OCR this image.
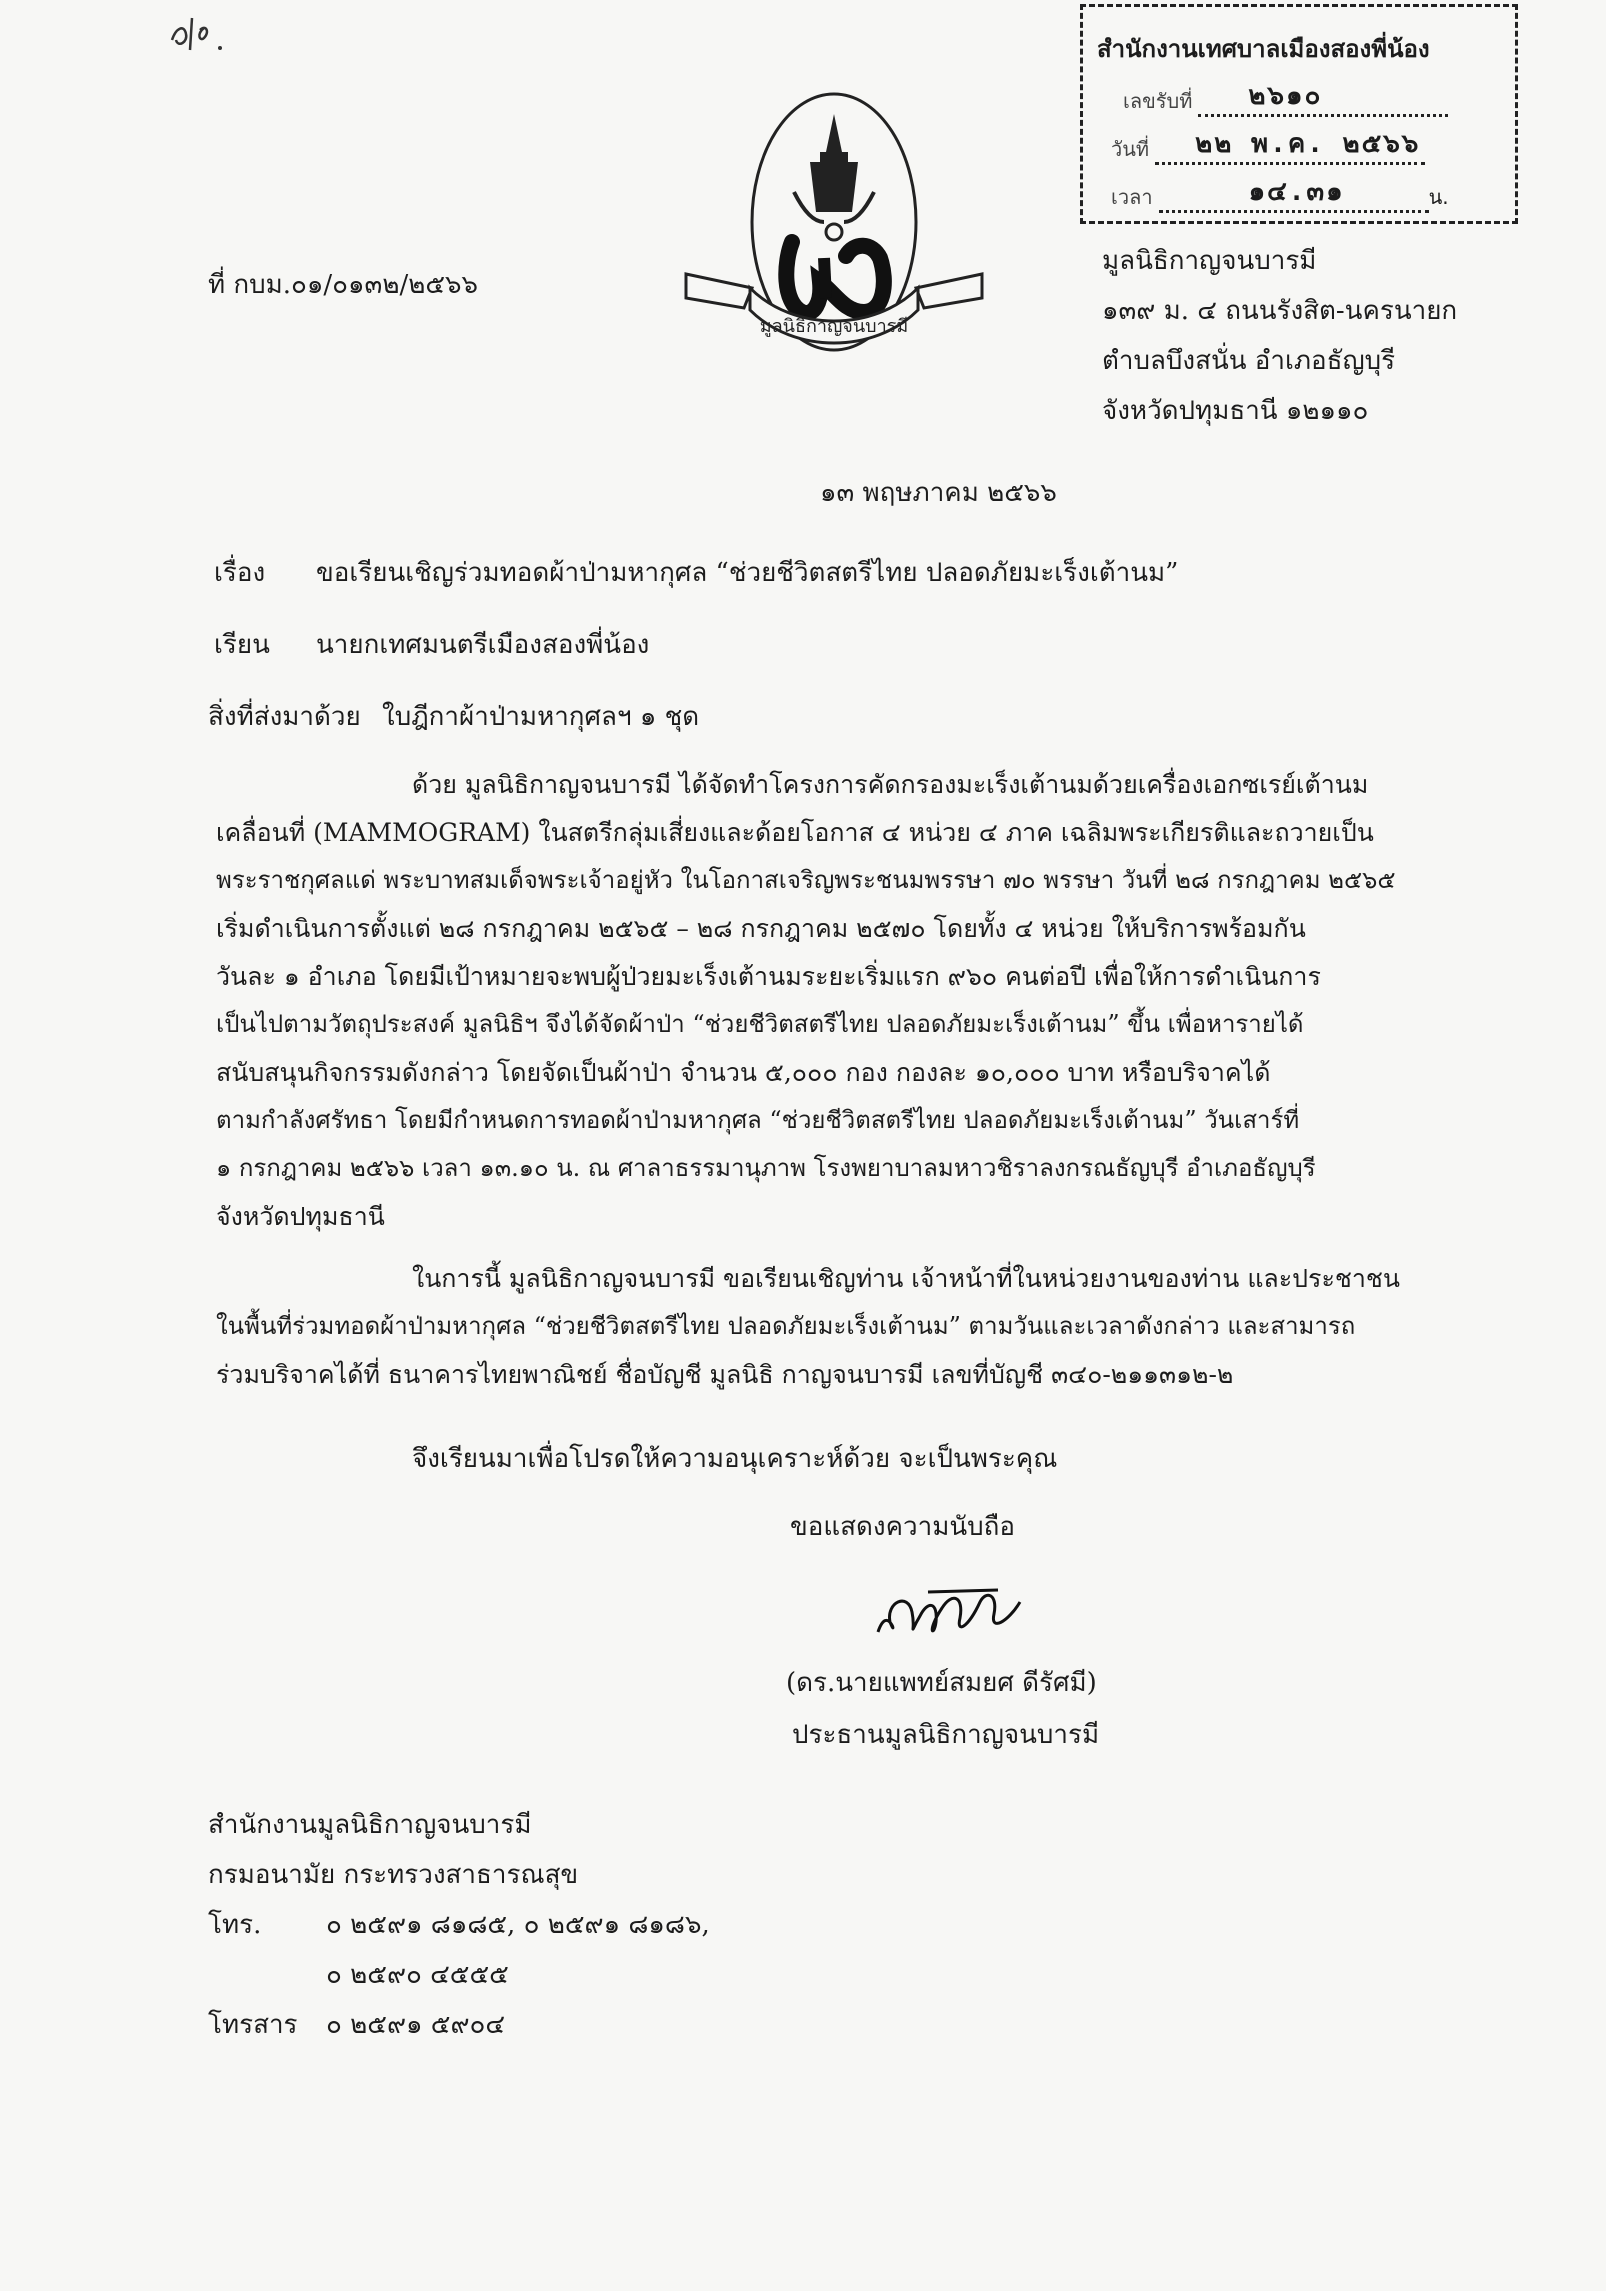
สำนักงานเทศบาลเมืองสองพี่น้อง
เลขรับที่ ๒๖๑๐
วันที่ ๒๒ พ.ค. ๒๕๖๖
เวลา	๑๔.๓๑	น.
มูลนิธิกาญจนบารมี
ที่ กบม.๐๑/๐๑๓๒/๒๕๖๖
มูลนิธิกาญจนบารมี
๑๓๙ ม. ๔ ถนนรังสิต-นครนายก
ตำบลบึงสนั่น อำเภอธัญบุรี
จังหวัดปทุมธานี ๑๒๑๑๐
๑๓ พฤษภาคม ๒๕๖๖
เรื่อง ขอเรียนเชิญร่วมทอดผ้าป่ามหากุศล “ช่วยชีวิตสตรีไทย ปลอดภัยมะเร็งเต้านม”
เรียน นายกเทศมนตรีเมืองสองพี่น้อง
สิ่งที่ส่งมาด้วย ใบฎีกาผ้าป่ามหากุศลฯ ๑ ชุด
ด้วย มูลนิธิกาญจนบารมี ได้จัดทำโครงการคัดกรองมะเร็งเต้านมด้วยเครื่องเอกซเรย์เต้านม
เคลื่อนที่ (MAMMOGRAM) ในสตรีกลุ่มเสี่ยงและด้อยโอกาส ๔ หน่วย ๔ ภาค เฉลิมพระเกียรติและถวายเป็น
พระราชกุศลแด่ พระบาทสมเด็จพระเจ้าอยู่หัว ในโอกาสเจริญพระชนมพรรษา ๗๐ พรรษา วันที่ ๒๘ กรกฎาคม ๒๕๖๕
เริ่มดำเนินการตั้งแต่ ๒๘ กรกฎาคม ๒๕๖๕ – ๒๘ กรกฎาคม ๒๕๗๐ โดยทั้ง ๔ หน่วย ให้บริการพร้อมกัน
วันละ ๑ อำเภอ โดยมีเป้าหมายจะพบผู้ป่วยมะเร็งเต้านมระยะเริ่มแรก ๙๖๐ คนต่อปี เพื่อให้การดำเนินการ
เป็นไปตามวัตถุประสงค์ มูลนิธิฯ จึงได้จัดผ้าป่า “ช่วยชีวิตสตรีไทย ปลอดภัยมะเร็งเต้านม” ขึ้น เพื่อหารายได้
สนับสนุนกิจกรรมดังกล่าว โดยจัดเป็นผ้าป่า จำนวน ๕,๐๐๐ กอง กองละ ๑๐,๐๐๐ บาท หรือบริจาคได้
ตามกำลังศรัทธา โดยมีกำหนดการทอดผ้าป่ามหากุศล “ช่วยชีวิตสตรีไทย ปลอดภัยมะเร็งเต้านม” วันเสาร์ที่
๑ กรกฎาคม ๒๕๖๖ เวลา ๑๓.๑๐ น. ณ ศาลาธรรมานุภาพ โรงพยาบาลมหาวชิราลงกรณธัญบุรี อำเภอธัญบุรี
จังหวัดปทุมธานี
ในการนี้ มูลนิธิกาญจนบารมี ขอเรียนเชิญท่าน เจ้าหน้าที่ในหน่วยงานของท่าน และประชาชน
ในพื้นที่ร่วมทอดผ้าป่ามหากุศล “ช่วยชีวิตสตรีไทย ปลอดภัยมะเร็งเต้านม” ตามวันและเวลาดังกล่าว และสามารถ
ร่วมบริจาคได้ที่ ธนาคารไทยพาณิชย์ ชื่อบัญชี มูลนิธิ กาญจนบารมี เลขที่บัญชี ๓๔๐-๒๑๑๓๑๒-๒
จึงเรียนมาเพื่อโปรดให้ความอนุเคราะห์ด้วย จะเป็นพระคุณ
ขอแสดงความนับถือ
(ดร.นายแพทย์สมยศ ดีรัศมี)
ประธานมูลนิธิกาญจนบารมี
สำนักงานมูลนิธิกาญจนบารมี
กรมอนามัย กระทรวงสาธารณสุข
โทร. ๐ ๒๕๙๑ ๘๑๘๕, ๐ ๒๕๙๑ ๘๑๘๖,
๐ ๒๕๙๐ ๔๕๕๕
โทรสาร ๐ ๒๕๙๑ ๕๙๐๔
